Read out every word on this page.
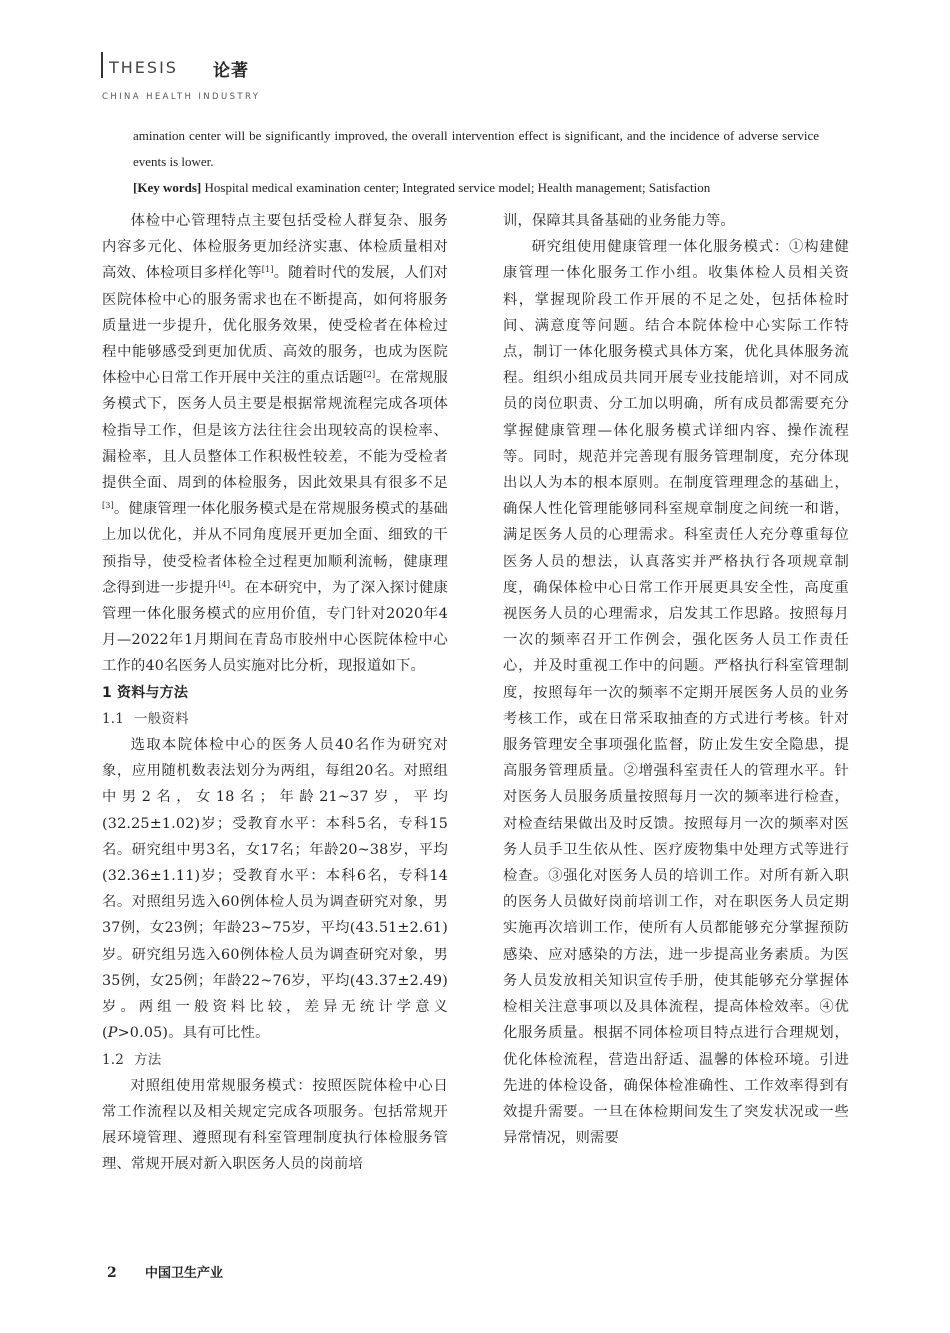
THESIS 论著
CHINA HEALTH INDUSTRY

amination center will be significantly improved, the overall intervention effect is significant, and the incidence of adverse service events is lower.

[Key words] Hospital medical examination center; Integrated service model; Health management; Satisfaction

体检中心管理特点主要包括受检人群复杂、服务内容多元化、体检服务更加经济实惠、体检质量相对高效、体检项目多样化等[1]。随着时代的发展，人们对医院体检中心的服务需求也在不断提高，如何将服务质量进一步提升，优化服务效果，使受检者在体检过程中能够感受到更加优质、高效的服务，也成为医院体检中心日常工作开展中关注的重点话题[2]。在常规服务模式下，医务人员主要是根据常规流程完成各项体检指导工作，但是该方法往往会出现较高的误检率、漏检率，且人员整体工作积极性较差，不能为受检者提供全面、周到的体检服务，因此效果具有很多不足[3]。健康管理一体化服务模式是在常规服务模式的基础上加以优化，并从不同角度展开更加全面、细致的干预指导，使受检者体检全过程更加顺利流畅，健康理念得到进一步提升[4]。在本研究中，为了深入探讨健康管理一体化服务模式的应用价值，专门针对2020年4月—2022年1月期间在青岛市胶州中心医院体检中心工作的40名医务人员实施对比分析，现报道如下。

1 资料与方法
1.1 一般资料

选取本院体检中心的医务人员40名作为研究对象，应用随机数表法划分为两组，每组20名。对照组中男2名，女18名；年龄21~37岁，平均(32.25±1.02)岁；受教育水平：本科5名，专科15名。研究组中男3名，女17名；年龄20~38岁，平均(32.36±1.11)岁；受教育水平：本科6名，专科14名。对照组另选入60例体检人员为调查研究对象，男37例，女23例；年龄23~75岁，平均(43.51±2.61)岁。研究组另选入60例体检人员为调查研究对象，男35例，女25例；年龄22~76岁，平均(43.37±2.49)岁。两组一般资料比较，差异无统计学意义(P>0.05)。具有可比性。

1.2 方法

对照组使用常规服务模式：按照医院体检中心日常工作流程以及相关规定完成各项服务。包括常规开展环境管理、遵照现有科室管理制度执行体检服务管理、常规开展对新入职医务人员的岗前培

训，保障其具备基础的业务能力等。

研究组使用健康管理一体化服务模式：①构建健康管理一体化服务工作小组。收集体检人员相关资料，掌握现阶段工作开展的不足之处，包括体检时间、满意度等问题。结合本院体检中心实际工作特点，制订一体化服务模式具体方案，优化具体服务流程。组织小组成员共同开展专业技能培训，对不同成员的岗位职责、分工加以明确，所有成员都需要充分掌握健康管理—体化服务模式详细内容、操作流程等。同时，规范并完善现有服务管理制度，充分体现出以人为本的根本原则。在制度管理理念的基础上，确保人性化管理能够同科室规章制度之间统一和谐，满足医务人员的心理需求。科室责任人充分尊重每位医务人员的想法，认真落实并严格执行各项规章制度，确保体检中心日常工作开展更具安全性，高度重视医务人员的心理需求，启发其工作思路。按照每月一次的频率召开工作例会，强化医务人员工作责任心，并及时重视工作中的问题。严格执行科室管理制度，按照每年一次的频率不定期开展医务人员的业务考核工作，或在日常采取抽查的方式进行考核。针对服务管理安全事项强化监督，防止发生安全隐患，提高服务管理质量。②增强科室责任人的管理水平。针对医务人员服务质量按照每月一次的频率进行检查，对检查结果做出及时反馈。按照每月一次的频率对医务人员手卫生依从性、医疗废物集中处理方式等进行检查。③强化对医务人员的培训工作。对所有新入职的医务人员做好岗前培训工作，对在职医务人员定期实施再次培训工作，使所有人员都能够充分掌握预防感染、应对感染的方法，进一步提高业务素质。为医务人员发放相关知识宣传手册，使其能够充分掌握体检相关注意事项以及具体流程，提高体检效率。④优化服务质量。根据不同体检项目特点进行合理规划，优化体检流程，营造出舒适、温馨的体检环境。引进先进的体检设备，确保体检准确性、工作效率得到有效提升需要。一旦在体检期间发生了突发状况或一些异常情况，则需要

2 中国卫生产业
